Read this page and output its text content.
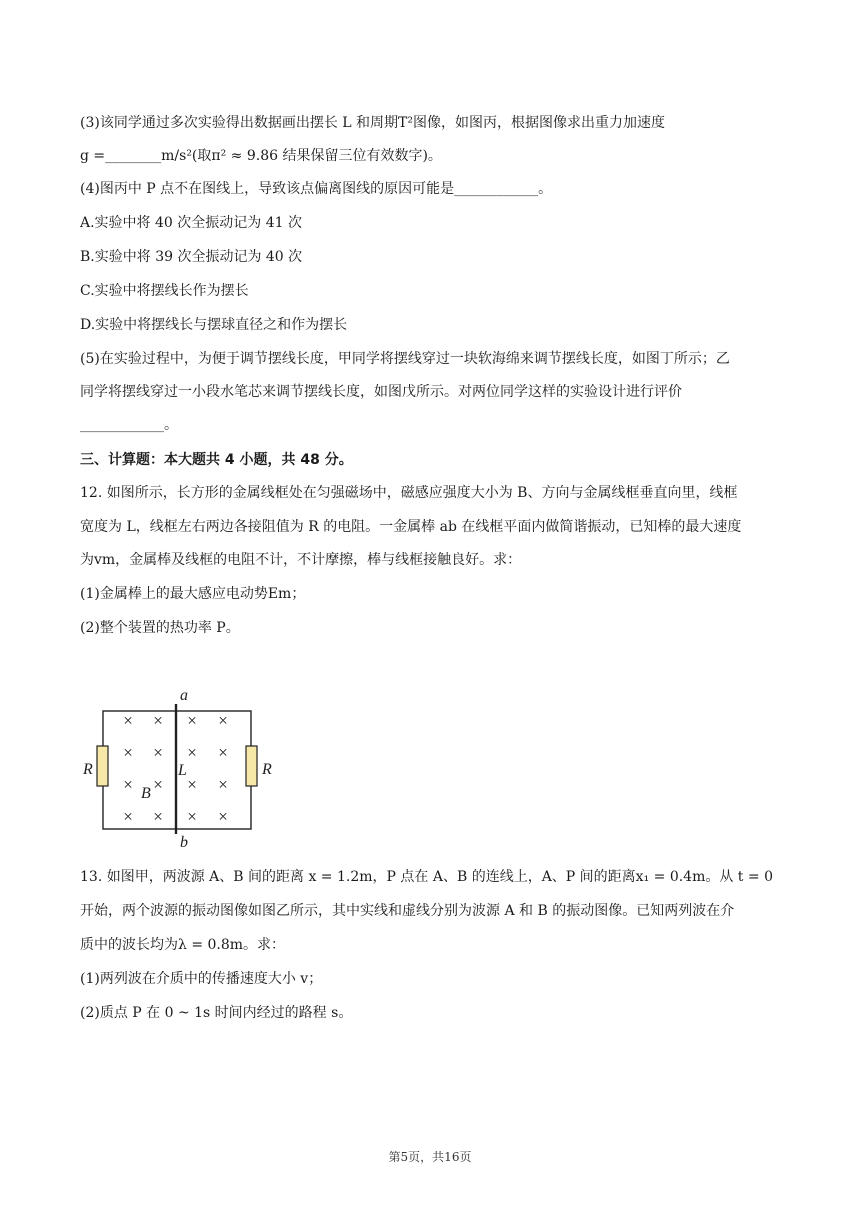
(3)该同学通过多次实验得出数据画出摆长 L 和周期T²图像，如图丙，根据图像求出重力加速度
g =________m/s²(取π² ≈ 9.86 结果保留三位有效数字)。
(4)图丙中 P 点不在图线上，导致该点偏离图线的原因可能是____________。
A.实验中将 40 次全振动记为 41 次
B.实验中将 39 次全振动记为 40 次
C.实验中将摆线长作为摆长
D.实验中将摆线长与摆球直径之和作为摆长
(5)在实验过程中，为便于调节摆线长度，甲同学将摆线穿过一块软海绵来调节摆线长度，如图丁所示；乙
同学将摆线穿过一小段水笔芯来调节摆线长度，如图戊所示。对两位同学这样的实验设计进行评价
____________。
三、计算题：本大题共 4 小题，共 48 分。
12. 如图所示，长方形的金属线框处在匀强磁场中，磁感应强度大小为 B、方向与金属线框垂直向里，线框
宽度为 L，线框左右两边各接阻值为 R 的电阻。一金属棒 ab 在线框平面内做简谐振动，已知棒的最大速度
为vm，金属棒及线框的电阻不计，不计摩擦，棒与线框接触良好。求：
(1)金属棒上的最大感应电动势Em；
(2)整个装置的热功率 P。
× × × ×
× × × ×
× × × ×
× × × ×
a
b
R	R
L
B
13. 如图甲，两波源 A、B 间的距离 x = 1.2m，P 点在 A、B 的连线上，A、P 间的距离x₁ = 0.4m。从 t = 0
开始，两个波源的振动图像如图乙所示，其中实线和虚线分别为波源 A 和 B 的振动图像。已知两列波在介
质中的波长均为λ = 0.8m。求：
(1)两列波在介质中的传播速度大小 v；
(2)质点 P 在 0 ~ 1s 时间内经过的路程 s。
第5页，共16页
